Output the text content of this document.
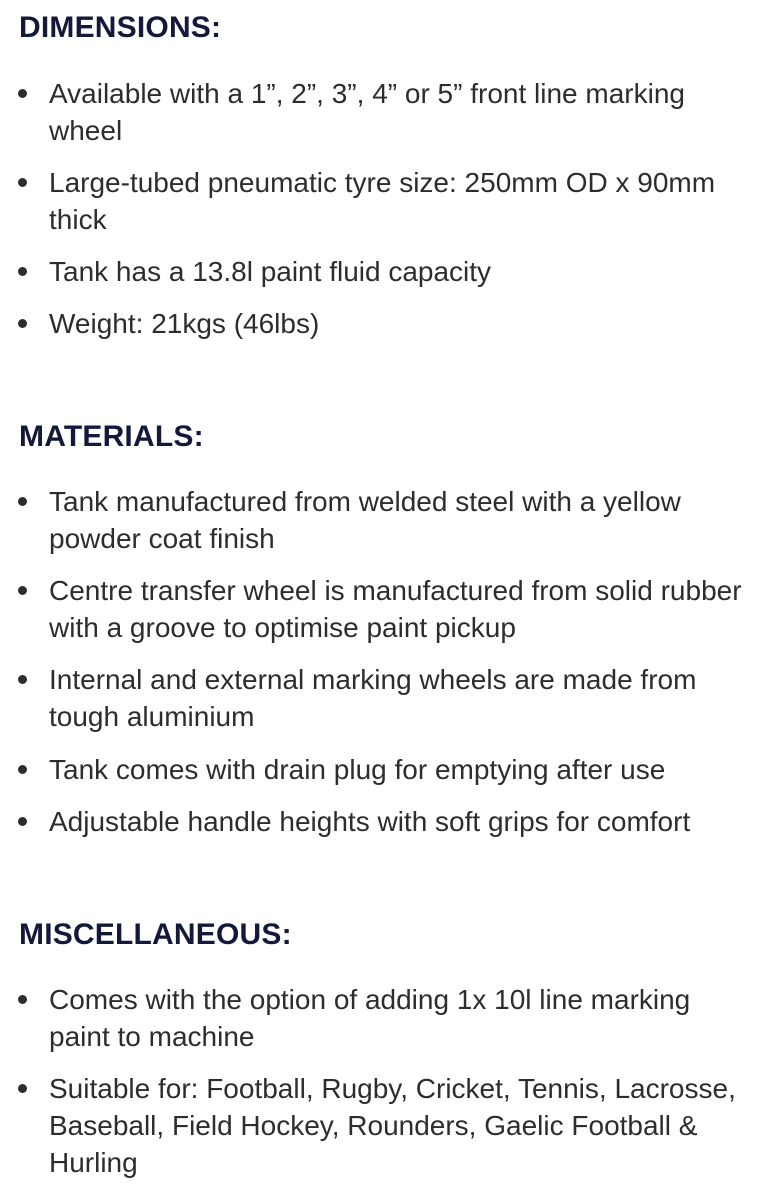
DIMENSIONS:
Available with a 1”, 2”, 3”, 4” or 5” front line marking wheel
Large-tubed pneumatic tyre size: 250mm OD x 90mm thick
Tank has a 13.8l paint fluid capacity
Weight: 21kgs (46lbs)
MATERIALS:
Tank manufactured from welded steel with a yellow powder coat finish
Centre transfer wheel is manufactured from solid rubber with a groove to optimise paint pickup
Internal and external marking wheels are made from tough aluminium
Tank comes with drain plug for emptying after use
Adjustable handle heights with soft grips for comfort
MISCELLANEOUS:
Comes with the option of adding 1x 10l line marking paint to machine
Suitable for: Football, Rugby, Cricket, Tennis, Lacrosse, Baseball, Field Hockey, Rounders, Gaelic Football & Hurling
